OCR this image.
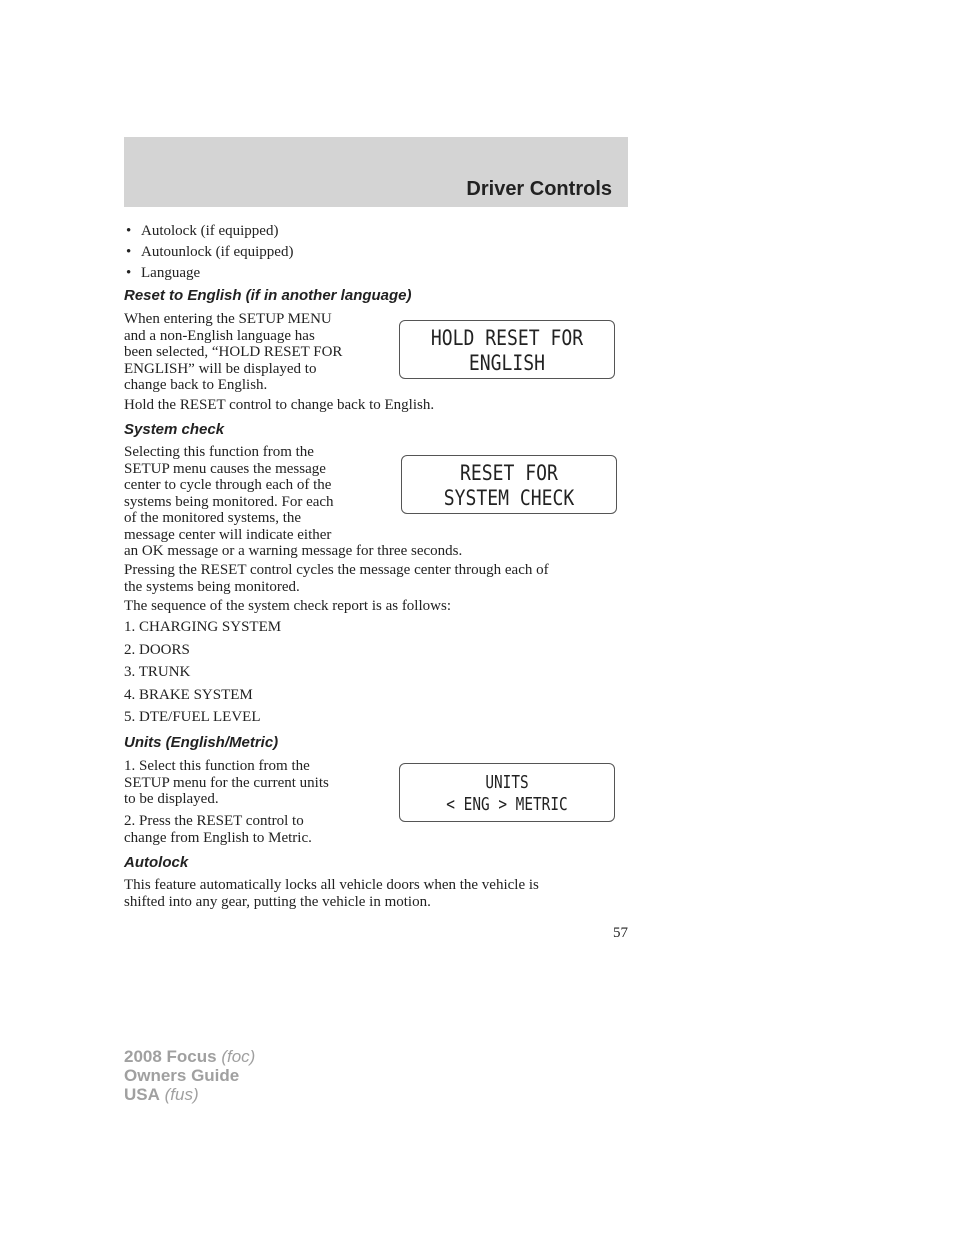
Driver Controls
• Autolock (if equipped)
• Autounlock (if equipped)
• Language
Reset to English (if in another language)
When entering the SETUP MENU
and a non-English language has
been selected, “HOLD RESET FOR
ENGLISH” will be displayed to
change back to English.
HOLD RESET FOR
ENGLISH
Hold the RESET control to change back to English.
System check
Selecting this function from the
SETUP menu causes the message
center to cycle through each of the
systems being monitored. For each
of the monitored systems, the
message center will indicate either
an OK message or a warning message for three seconds.
RESET FOR
SYSTEM CHECK
Pressing the RESET control cycles the message center through each of
the systems being monitored.
The sequence of the system check report is as follows:
1. CHARGING SYSTEM
2. DOORS
3. TRUNK
4. BRAKE SYSTEM
5. DTE/FUEL LEVEL
Units (English/Metric)
1. Select this function from the
SETUP menu for the current units
to be displayed.
2. Press the RESET control to
change from English to Metric.
UNITS
< ENG > METRIC
Autolock
This feature automatically locks all vehicle doors when the vehicle is
shifted into any gear, putting the vehicle in motion.
57
2008 Focus (foc)
Owners Guide
USA (fus)
